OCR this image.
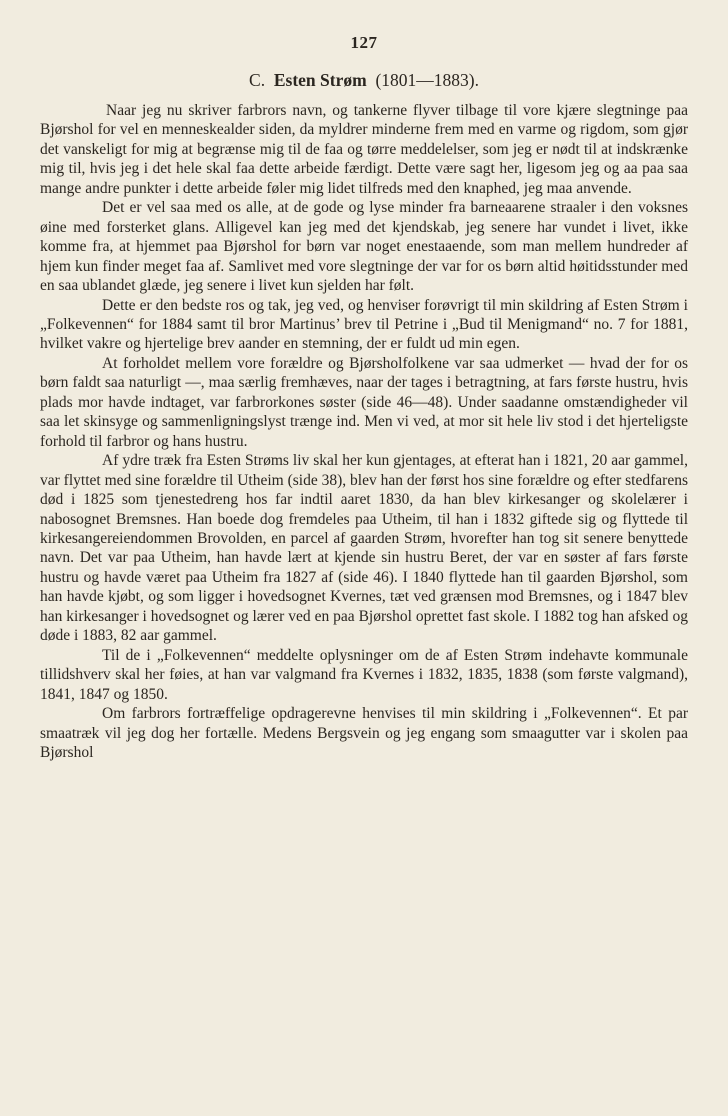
127
C. Esten Strøm (1801—1883).

Naar jeg nu skriver farbrors navn, og tankerne flyver tilbage til vore kjære slegtninge paa Bjørshol for vel en menneskealder siden, da myldrer minderne frem med en varme og rigdom, som gjør det vanskeligt for mig at begrænse mig til de faa og tørre meddelelser, som jeg er nødt til at indskrænke mig til, hvis jeg i det hele skal faa dette arbeide færdigt. Dette være sagt her, ligesom jeg og aa paa saa mange andre punkter i dette arbeide føler mig lidet tilfreds med den knaphed, jeg maa anvende.

Det er vel saa med os alle, at de gode og lyse minder fra barneaarene straaler i den voksnes øine med forsterket glans. Alligevel kan jeg med det kjendskab, jeg senere har vundet i livet, ikke komme fra, at hjemmet paa Bjørshol for børn var noget enestaaende, som man mellem hundreder af hjem kun finder meget faa af. Samlivet med vore slegtninge der var for os børn altid høitidsstunder med en saa ublandet glæde, jeg senere i livet kun sjelden har følt.

Dette er den bedste ros og tak, jeg ved, og henviser forøvrigt til min skildring af Esten Strøm i „Folkevennen“ for 1884 samt til bror Martinus’ brev til Petrine i „Bud til Menigmand“ no. 7 for 1881, hvilket vakre og hjertelige brev aander en stemning, der er fuldt ud min egen.

At forholdet mellem vore forældre og Bjørsholfolkene var saa udmerket — hvad der for os børn faldt saa naturligt —, maa særlig fremhæves, naar der tages i betragtning, at fars første hustru, hvis plads mor havde indtaget, var farbrorkones søster (side 46—48). Under saadanne omstændigheder vil saa let skinsyge og sammenligningslyst trænge ind. Men vi ved, at mor sit hele liv stod i det hjerteligste forhold til farbror og hans hustru.

Af ydre træk fra Esten Strøms liv skal her kun gjentages, at efterat han i 1821, 20 aar gammel, var flyttet med sine forældre til Utheim (side 38), blev han der først hos sine forældre og efter stedfarens død i 1825 som tjenestedreng hos far indtil aaret 1830, da han blev kirkesanger og skolelærer i nabosognet Bremsnes. Han boede dog fremdeles paa Utheim, til han i 1832 giftede sig og flyttede til kirkesangereiendommen Brovolden, en parcel af gaarden Strøm, hvorefter han tog sit senere benyttede navn. Det var paa Utheim, han havde lært at kjende sin hustru Beret, der var en søster af fars første hustru og havde været paa Utheim fra 1827 af (side 46). I 1840 flyttede han til gaarden Bjørshol, som han havde kjøbt, og som ligger i hovedsognet Kvernes, tæt ved grænsen mod Bremsnes, og i 1847 blev han kirkesanger i hovedsognet og lærer ved en paa Bjørshol oprettet fast skole. I 1882 tog han afsked og døde i 1883, 82 aar gammel.

Til de i „Folkevennen“ meddelte oplysninger om de af Esten Strøm indehavte kommunale tillidshverv skal her føies, at han var valgmand fra Kvernes i 1832, 1835, 1838 (som første valgmand), 1841, 1847 og 1850.

Om farbrors fortræffelige opdragerevne henvises til min skildring i „Folkevennen“. Et par smaatræk vil jeg dog her fortælle. Medens Bergsvein og jeg engang som smaagutter var i skolen paa Bjørshol
